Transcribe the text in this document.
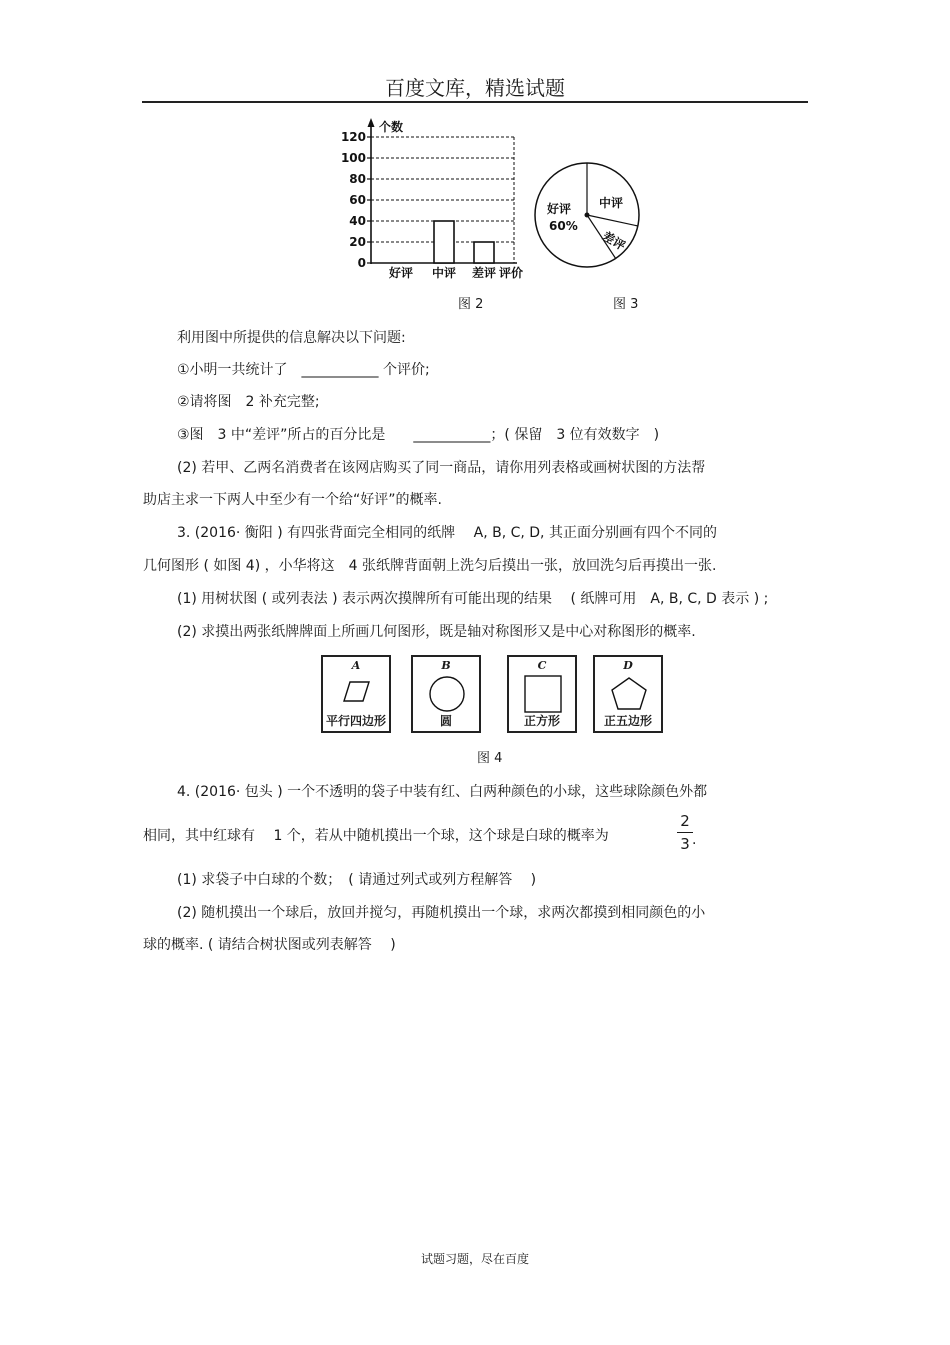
百度文库，精选试题
0
20
40
60
80
100
120
个数
好评 中评 差评 评价
好评
60%
中评
差评
图 2	图 3
利用图中所提供的信息解决以下问题:
①小明一共统计了　___________ 个评价;
②请将图　2 补充完整;
③图　3 中“差评”所占的百分比是　　___________；( 保留　3 位有效数字　)
(2) 若甲、乙两名消费者在该网店购买了同一商品，请你用列表格或画树状图的方法帮
助店主求一下两人中至少有一个给“好评”的概率.
3. (2016· 衡阳 ) 有四张背面完全相同的纸牌　 A, B, C, D, 其正面分别画有四个不同的
几何图形 ( 如图 4) ，小华将这　4 张纸牌背面朝上洗匀后摸出一张，放回洗匀后再摸出一张.
(1) 用树状图 ( 或列表法 ) 表示两次摸牌所有可能出现的结果　 ( 纸牌可用　A, B, C, D 表示 ) ;
(2) 求摸出两张纸牌牌面上所画几何图形，既是轴对称图形又是中心对称图形的概率.
A
平行四边形
B
圆
C
正方形
D
正五边形
图 4
4. (2016· 包头 ) 一个不透明的袋子中装有红、白两种颜色的小球，这些球除颜色外都
相同，其中红球有　 1 个，若从中随机摸出一个球，这个球是白球的概率为
2
3 .
(1) 求袋子中白球的个数；　( 请通过列式或列方程解答　 )
(2) 随机摸出一个球后，放回并搅匀，再随机摸出一个球，求两次都摸到相同颜色的小
球的概率. ( 请结合树状图或列表解答　 )
试题习题，尽在百度
